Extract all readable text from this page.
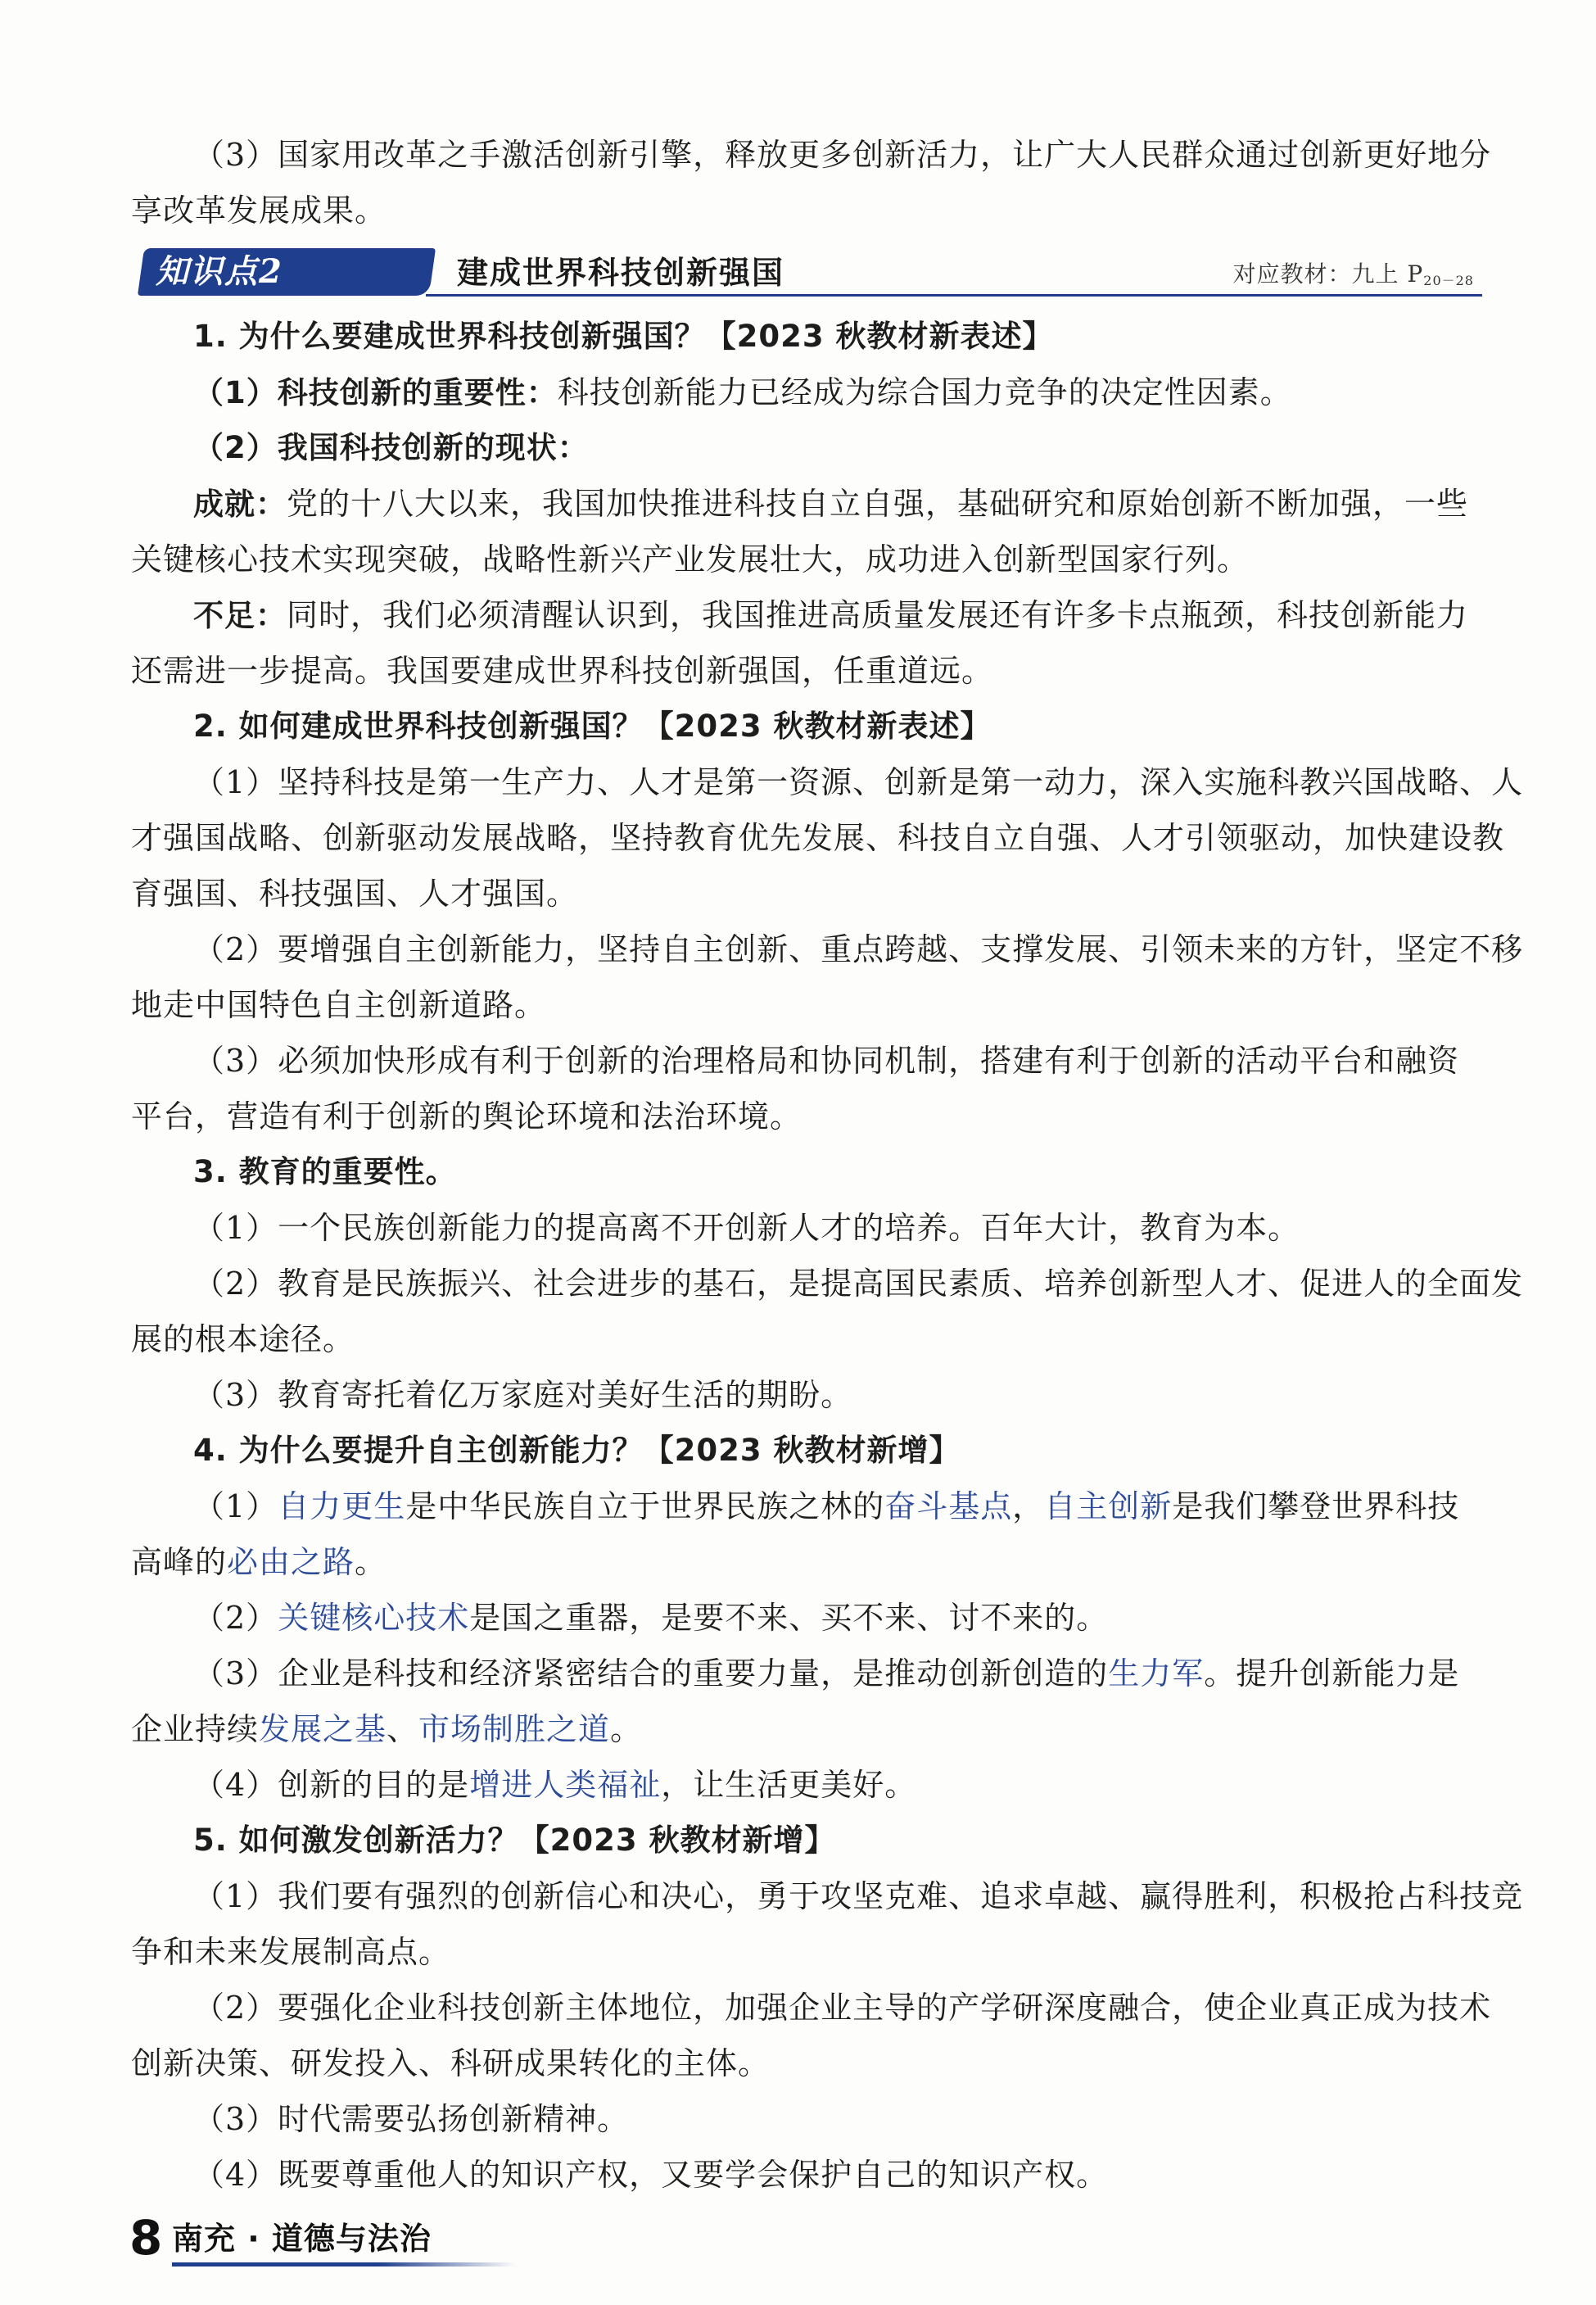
（3）国家用改革之手激活创新引擎，释放更多创新活力，让广大人民群众通过创新更好地分
享改革发展成果。
知识点2	建成世界科技创新强国	对应教材：九上 $P_{20-28}$
1. 为什么要建成世界科技创新强国？【2023 秋教材新表述】
（1）科技创新的重要性：科技创新能力已经成为综合国力竞争的决定性因素。
（2）我国科技创新的现状：
成就：党的十八大以来，我国加快推进科技自立自强，基础研究和原始创新不断加强，一些
关键核心技术实现突破，战略性新兴产业发展壮大，成功进入创新型国家行列。
不足：同时，我们必须清醒认识到，我国推进高质量发展还有许多卡点瓶颈，科技创新能力
还需进一步提高。我国要建成世界科技创新强国，任重道远。
2. 如何建成世界科技创新强国？【2023 秋教材新表述】
（1）坚持科技是第一生产力、人才是第一资源、创新是第一动力，深入实施科教兴国战略、人
才强国战略、创新驱动发展战略，坚持教育优先发展、科技自立自强、人才引领驱动，加快建设教
育强国、科技强国、人才强国。
（2）要增强自主创新能力，坚持自主创新、重点跨越、支撑发展、引领未来的方针，坚定不移
地走中国特色自主创新道路。
（3）必须加快形成有利于创新的治理格局和协同机制，搭建有利于创新的活动平台和融资
平台，营造有利于创新的舆论环境和法治环境。
3. 教育的重要性。
（1）一个民族创新能力的提高离不开创新人才的培养。百年大计，教育为本。
（2）教育是民族振兴、社会进步的基石，是提高国民素质、培养创新型人才、促进人的全面发
展的根本途径。
（3）教育寄托着亿万家庭对美好生活的期盼。
4. 为什么要提升自主创新能力？【2023 秋教材新增】
（1）自力更生是中华民族自立于世界民族之林的奋斗基点，自主创新是我们攀登世界科技
高峰的必由之路。
（2）关键核心技术是国之重器，是要不来、买不来、讨不来的。
（3）企业是科技和经济紧密结合的重要力量，是推动创新创造的生力军。提升创新能力是
企业持续发展之基、市场制胜之道。
（4）创新的目的是增进人类福祉，让生活更美好。
5. 如何激发创新活力？【2023 秋教材新增】
（1）我们要有强烈的创新信心和决心，勇于攻坚克难、追求卓越、赢得胜利，积极抢占科技竞
争和未来发展制高点。
（2）要强化企业科技创新主体地位，加强企业主导的产学研深度融合，使企业真正成为技术
创新决策、研发投入、科研成果转化的主体。
（3）时代需要弘扬创新精神。
（4）既要尊重他人的知识产权，又要学会保护自己的知识产权。
8 南充 · 道德与法治
